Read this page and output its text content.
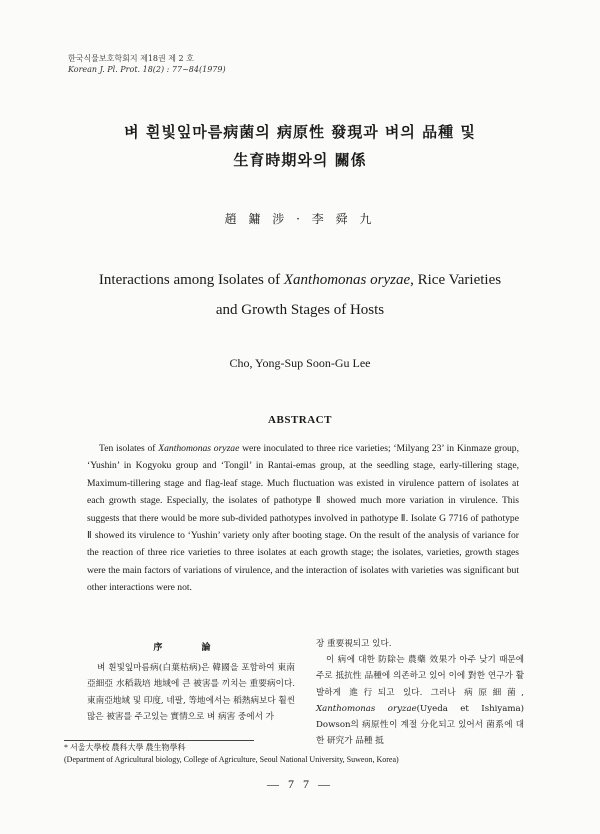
한국식물보호학회지 제18권 제 2 호
Korean J. Pl. Prot. 18(2) : 77~84(1979)
벼 흰빛잎마름病菌의 病原性 發現과 벼의 品種 및
生育時期와의 關係
趙 鏞 涉 · 李 舜 九
Interactions among Isolates of Xanthomonas oryzae, Rice Varieties
and Growth Stages of Hosts
Cho, Yong-Sup Soon-Gu Lee
ABSTRACT

Ten isolates of Xanthomonas oryzae were inoculated to three rice varieties; ‘Milyang 23’ in Kinmaze group, ‘Yushin’ in Kogyoku group and ‘Tongil’ in Rantai-emas group, at the seedling stage, early-tillering stage, Maximum-tillering stage and flag-leaf stage. Much fluctuation was existed in virulence pattern of isolates at each growth stage. Especially, the isolates of pathotype Ⅱ showed much more variation in virulence. This suggests that there would be more sub-divided pathotypes involved in pathotype Ⅱ. Isolate G 7716 of pathotype Ⅱ showed its virulence to ‘Yushin’ variety only after booting stage. On the result of the analysis of variance for the reaction of three rice varieties to three isolates at each growth stage; the isolates, varieties, growth stages were the main factors of variations of virulence, and the interaction of isolates with varieties was significant but other interactions were not.

序 論

벼 흰빛잎마름病(白葉枯病)은 韓國을 포함하여 東南亞細亞 水稻栽培 地域에 큰 被害를 끼치는 重要病이다. 東南亞地域 및 印度, 네팔, 等地에서는 稻熱病보다 훨씬 많은 被害를 주고있는 實情으로 벼 病害 중에서 가

장 重要視되고 있다.

이 病에 대한 防除는 農藥 效果가 아주 낮기 때문에 주로 抵抗性 品種에 의존하고 있어 이에 對한 연구가 활발하게 進行되고 있다. 그러나 病原細菌, Xanthomonas oryzae(Uyeda et Ishiyama) Dowson의 病原性이 계절 分化되고 있어서 菌系에 대한 研究가 品種 抵

* 서울大學校 農科大學 農生物學科
(Department of Agricultural biology, College of Agriculture, Seoul National University, Suweon, Korea)
— 7 7 —
